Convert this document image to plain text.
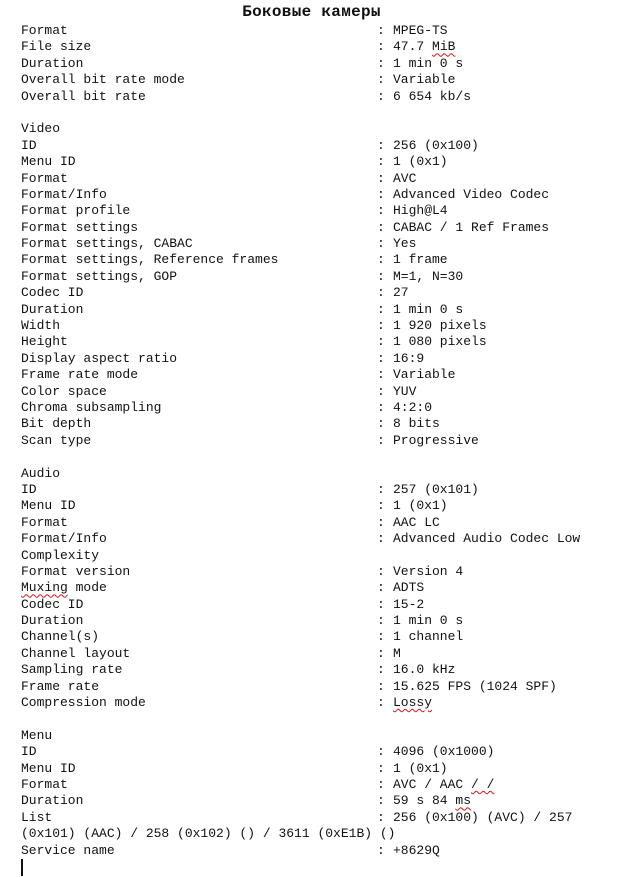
Боковые камеры
Format	: MPEG-TS
File size	: 47.7 MiB
Duration	: 1 min 0 s
Overall bit rate mode	: Variable
Overall bit rate	: 6 654 kb/s
Video
ID	: 256 (0x100)
Menu ID	: 1 (0x1)
Format	: AVC
Format/Info	: Advanced Video Codec
Format profile	: High@L4
Format settings	: CABAC / 1 Ref Frames
Format settings, CABAC	: Yes
Format settings, Reference frames	: 1 frame
Format settings, GOP	: M=1, N=30
Codec ID	: 27
Duration	: 1 min 0 s
Width	: 1 920 pixels
Height	: 1 080 pixels
Display aspect ratio	: 16:9
Frame rate mode	: Variable
Color space	: YUV
Chroma subsampling	: 4:2:0
Bit depth	: 8 bits
Scan type	: Progressive
Audio
ID	: 257 (0x101)
Menu ID	: 1 (0x1)
Format	: AAC LC
Format/Info	: Advanced Audio Codec Low
Complexity
Format version	: Version 4
Muxing mode	: ADTS
Codec ID	: 15-2
Duration	: 1 min 0 s
Channel(s)	: 1 channel
Channel layout	: M
Sampling rate	: 16.0 kHz
Frame rate	: 15.625 FPS (1024 SPF)
Compression mode	: Lossy
Menu
ID	: 4096 (0x1000)
Menu ID	: 1 (0x1)
Format	: AVC / AAC / /
Duration	: 59 s 84 ms
List	: 256 (0x100) (AVC) / 257
(0x101) (AAC) / 258 (0x102) () / 3611 (0xE1B) ()
Service name	: +8629Q
